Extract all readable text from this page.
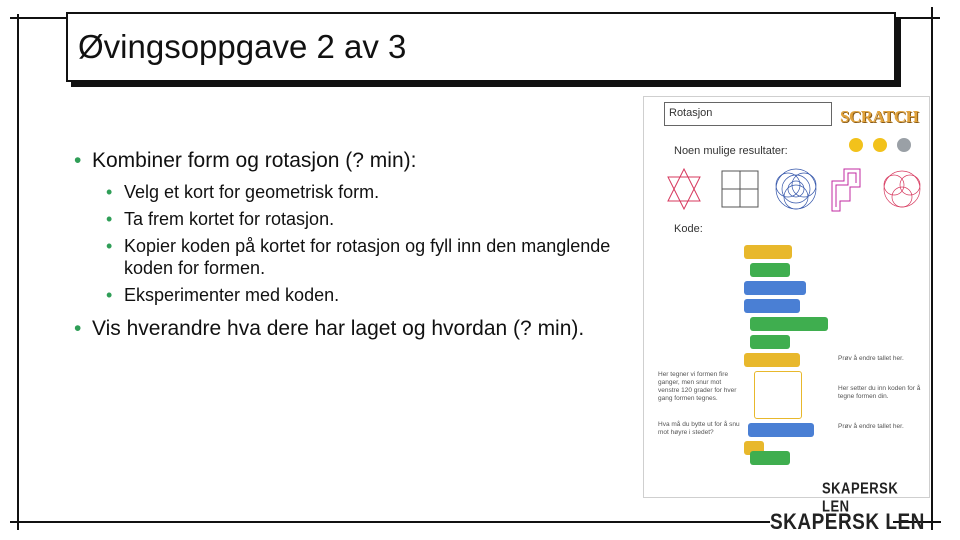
Øvingsoppgave 2 av 3
• Kombiner form og rotasjon (? min):
• Velg et kort for geometrisk form.
• Ta frem kortet for rotasjon.
• Kopier koden på kortet for rotasjon og fyll inn den manglende koden for formen.
• Eksperimenter med koden.
• Vis hverandre hva dere har laget og hvordan (? min).
Rotasjon	SCRATCH
Noen mulige resultater:
Kode:
Her tegner vi formen fire ganger, men snur mot venstre 120 grader for hver gang formen tegnes.
Hva må du bytte ut for å snu mot høyre i stedet?
Prøv å endre tallet her.
Her setter du inn koden for å tegne formen din.
Prøv å endre tallet her.
SKAPERSK LEN
SKAPERSK LEN
